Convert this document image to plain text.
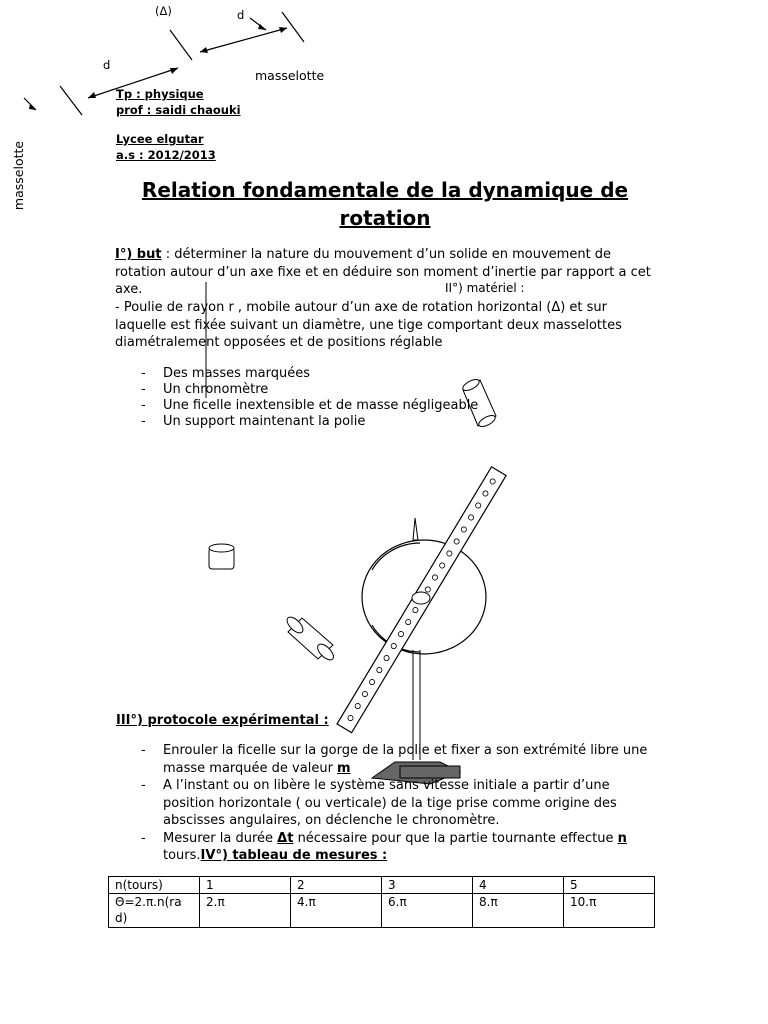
(Δ)	d
d
masselotte
masselotte
Tp : physique
prof : saidi chaouki
Lycee elgutar
a.s : 2012/2013
Relation fondamentale de la dynamique de rotation
I°) but : déterminer la nature du mouvement d’un solide en mouvement de rotation autour d’un axe fixe et en déduire son moment d’inertie par rapport a cet axe.	II°) matériel :
- Poulie de rayon r , mobile autour d’un axe de rotation horizontal (Δ) et sur laquelle est fixée suivant un diamètre, une tige comportant deux masselottes diamétralement opposées et de positions réglable
- Des masses marquées
- Un chronomètre
- Une ficelle inextensible et de masse négligeable
- Un support maintenant la polie
III°) protocole expérimental :
- Enrouler la ficelle sur la gorge de la polie et fixer a son extrémité libre une masse marquée de valeur m
- A l’instant ou on libère le système sans vitesse initiale a partir d’une position horizontale ( ou verticale) de la tige prise comme origine des abscisses angulaires, on déclenche le chronomètre.
- Mesurer la durée Δt nécessaire pour que la partie tournante effectue n tours.IV°) tableau de mesures :
n(tours)	1	2	3	4	5
Θ=2.π.n(rad)	2.π	4.π	6.π	8.π	10.π
